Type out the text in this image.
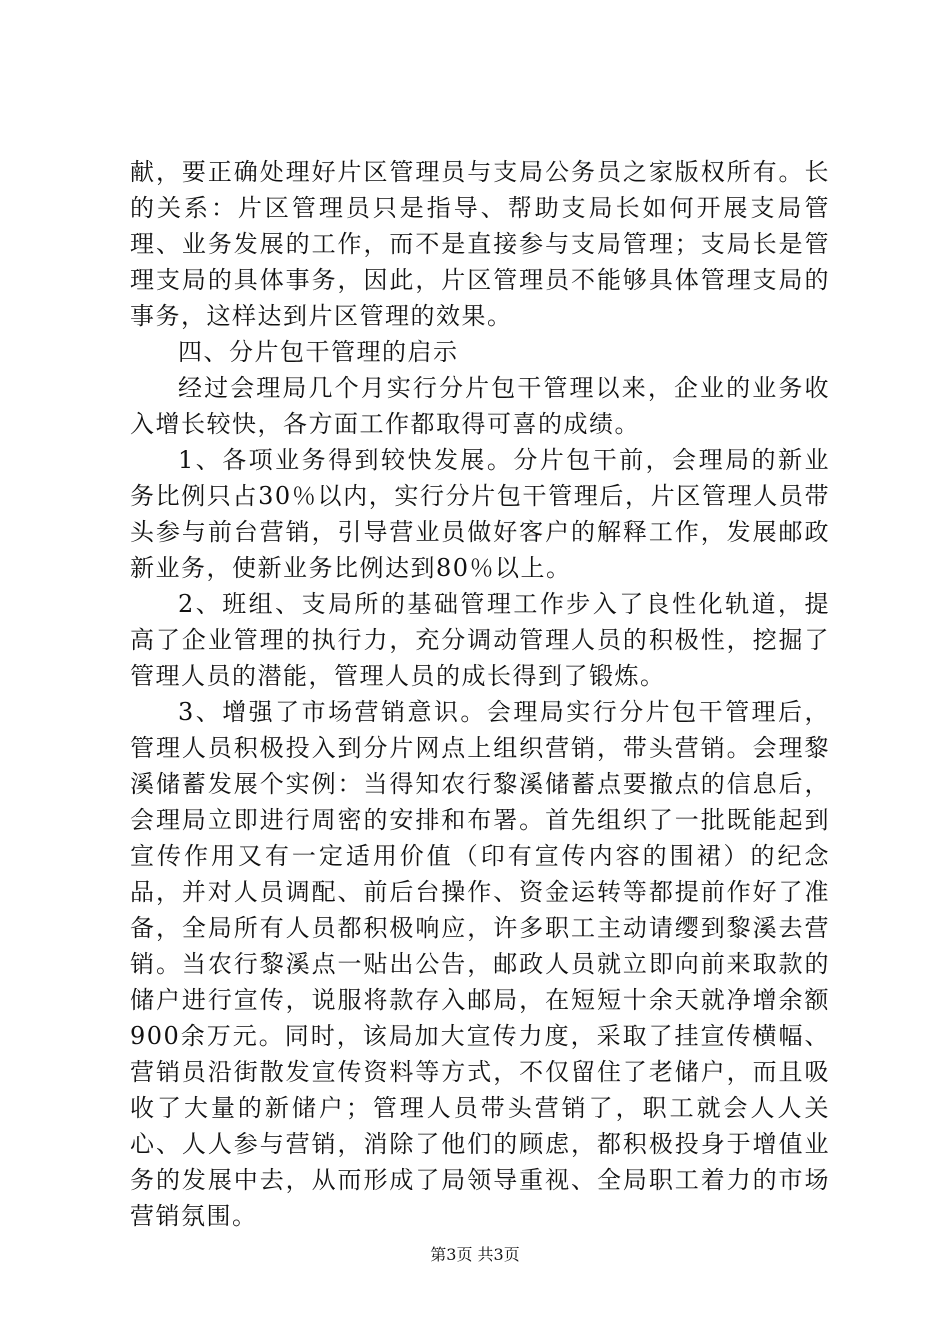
献，要正确处理好片区管理员与支局公务员之家版权所有。长的关系：片区管理员只是指导、帮助支局长如何开展支局管理、业务发展的工作，而不是直接参与支局管理；支局长是管理支局的具体事务，因此，片区管理员不能够具体管理支局的事务，这样达到片区管理的效果。

四、分片包干管理的启示

经过会理局几个月实行分片包干管理以来，企业的业务收入增长较快，各方面工作都取得可喜的成绩。

1、各项业务得到较快发展。分片包干前，会理局的新业务比例只占30％以内，实行分片包干管理后，片区管理人员带头参与前台营销，引导营业员做好客户的解释工作，发展邮政新业务，使新业务比例达到80％以上。

2、班组、支局所的基础管理工作步入了良性化轨道，提高了企业管理的执行力，充分调动管理人员的积极性，挖掘了管理人员的潜能，管理人员的成长得到了锻炼。

3、增强了市场营销意识。会理局实行分片包干管理后，管理人员积极投入到分片网点上组织营销，带头营销。会理黎溪储蓄发展个实例：当得知农行黎溪储蓄点要撤点的信息后，会理局立即进行周密的安排和布署。首先组织了一批既能起到宣传作用又有一定适用价值（印有宣传内容的围裙）的纪念品，并对人员调配、前后台操作、资金运转等都提前作好了准备，全局所有人员都积极响应，许多职工主动请缨到黎溪去营销。当农行黎溪点一贴出公告，邮政人员就立即向前来取款的储户进行宣传，说服将款存入邮局，在短短十余天就净增余额900余万元。同时，该局加大宣传力度，采取了挂宣传横幅、营销员沿街散发宣传资料等方式，不仅留住了老储户，而且吸收了大量的新储户；管理人员带头营销了，职工就会人人关心、人人参与营销，消除了他们的顾虑，都积极投身于增值业务的发展中去，从而形成了局领导重视、全局职工着力的市场营销氛围。

第3页 共3页
